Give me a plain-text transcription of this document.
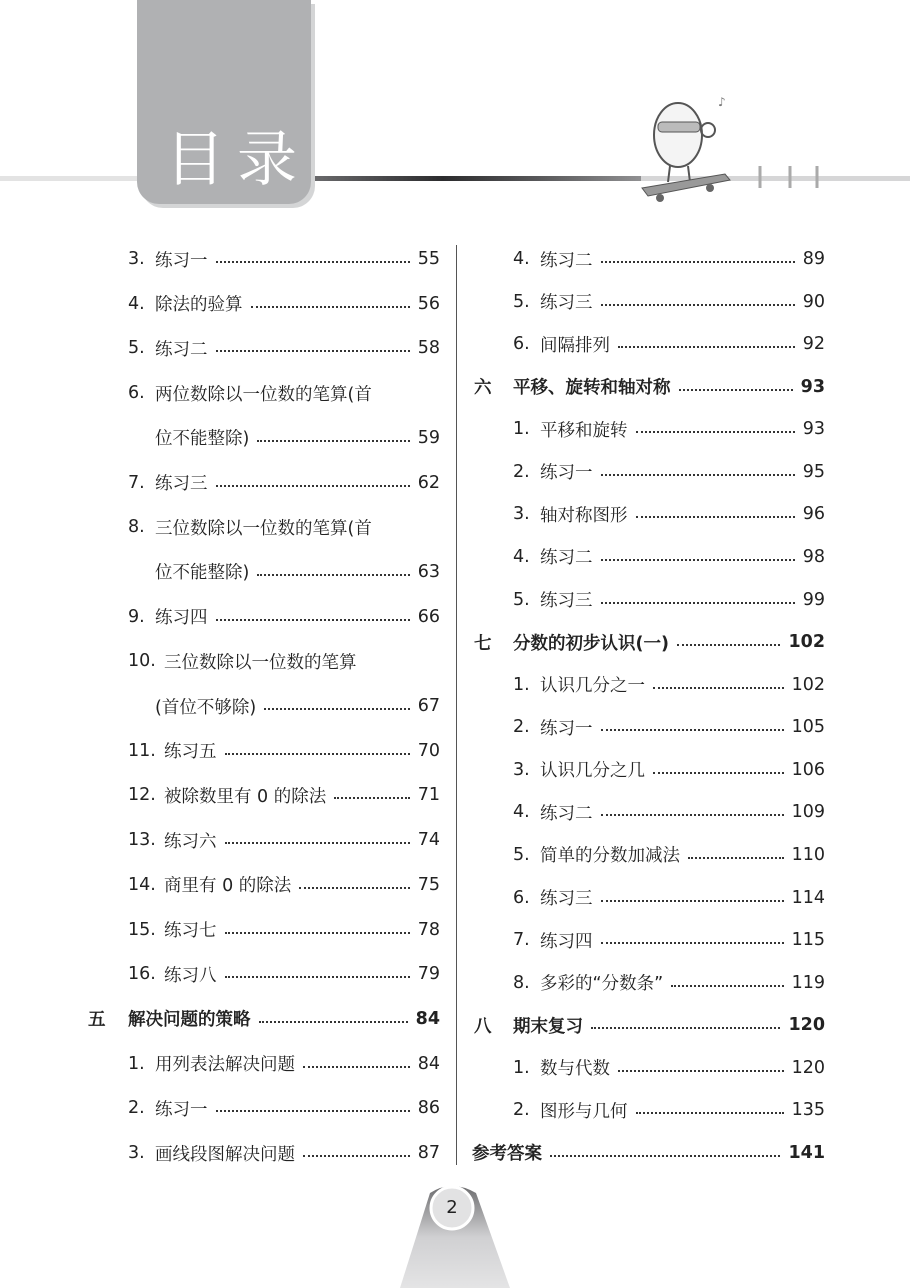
目录
♪
3. 练习一	55
4. 除法的验算	56
5. 练习二	58
6. 两位数除以一位数的笔算(首
位不能整除)	59
7. 练习三	62
8. 三位数除以一位数的笔算(首
位不能整除)	63
9. 练习四	66
10. 三位数除以一位数的笔算
(首位不够除)	67
11. 练习五	70
12. 被除数里有 0 的除法	71
13. 练习六	74
14. 商里有 0 的除法	75
15. 练习七	78
16. 练习八	79
五	解决问题的策略	84
1. 用列表法解决问题	84
2. 练习一	86
3. 画线段图解决问题	87
4. 练习二	89
5. 练习三	90
6. 间隔排列	92
六	平移、旋转和轴对称	93
1. 平移和旋转	93
2. 练习一	95
3. 轴对称图形	96
4. 练习二	98
5. 练习三	99
七	分数的初步认识(一)	102
1. 认识几分之一	102
2. 练习一	105
3. 认识几分之几	106
4. 练习二	109
5. 简单的分数加减法	110
6. 练习三	114
7. 练习四	115
8. 多彩的“分数条”	119
八	期末复习	120
1. 数与代数	120
2. 图形与几何	135
参考答案	141
2
